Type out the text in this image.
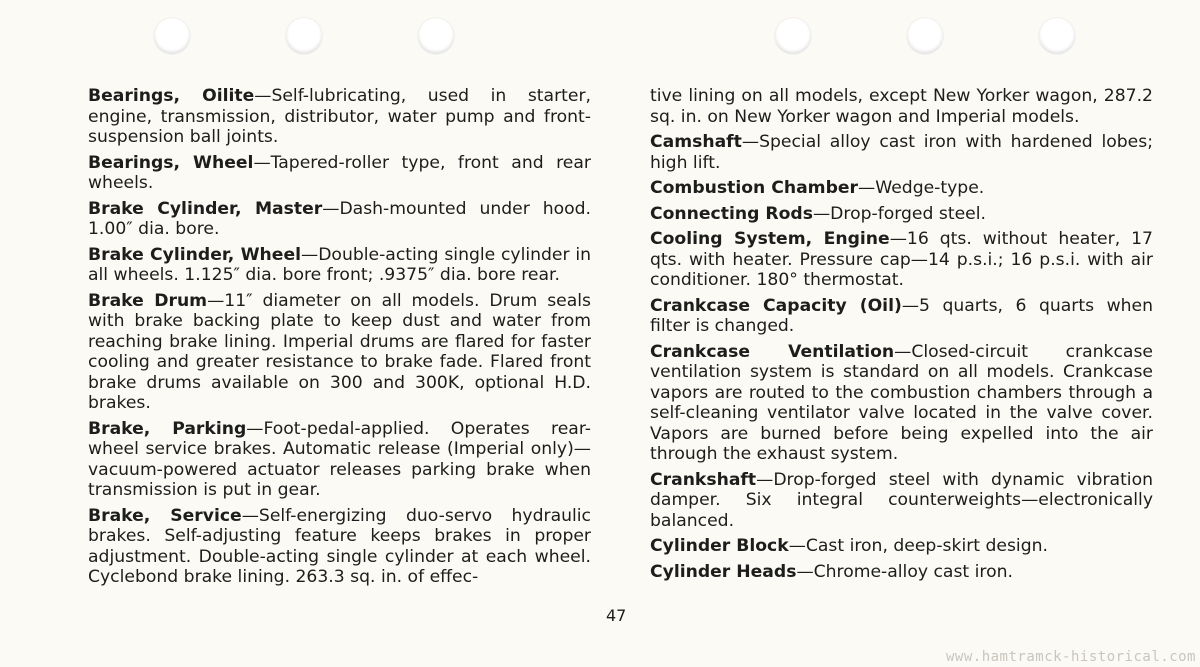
Bearings, Oilite—Self-lubricating, used in starter, engine, transmission, distributor, water pump and front-suspension ball joints.

Bearings, Wheel—Tapered-roller type, front and rear wheels.

Brake Cylinder, Master—Dash-mounted under hood. 1.00″ dia. bore.

Brake Cylinder, Wheel—Double-acting single cylinder in all wheels. 1.125″ dia. bore front; .9375″ dia. bore rear.

Brake Drum—11″ diameter on all models. Drum seals with brake backing plate to keep dust and water from reaching brake lining. Imperial drums are flared for faster cooling and greater resistance to brake fade. Flared front brake drums available on 300 and 300K, optional H.D. brakes.

Brake, Parking—Foot-pedal-applied. Operates rear-wheel service brakes. Automatic release (Imperial only)—vacuum-powered actuator releases parking brake when transmission is put in gear.

Brake, Service—Self-energizing duo-servo hydraulic brakes. Self-adjusting feature keeps brakes in proper adjustment. Double-acting single cylinder at each wheel. Cyclebond brake lining. 263.3 sq. in. of effec-

tive lining on all models, except New Yorker wagon, 287.2 sq. in. on New Yorker wagon and Imperial models.

Camshaft—Special alloy cast iron with hardened lobes; high lift.

Combustion Chamber—Wedge-type.

Connecting Rods—Drop-forged steel.

Cooling System, Engine—16 qts. without heater, 17 qts. with heater. Pressure cap—14 p.s.i.; 16 p.s.i. with air conditioner. 180° thermostat.

Crankcase Capacity (Oil)—5 quarts, 6 quarts when filter is changed.

Crankcase Ventilation—Closed-circuit crankcase ventilation system is standard on all models. Crankcase vapors are routed to the combustion chambers through a self-cleaning ventilator valve located in the valve cover. Vapors are burned before being expelled into the air through the exhaust system.

Crankshaft—Drop-forged steel with dynamic vibration damper. Six integral counterweights—electronically balanced.

Cylinder Block—Cast iron, deep-skirt design.

Cylinder Heads—Chrome-alloy cast iron.

47
www.hamtramck-historical.com
